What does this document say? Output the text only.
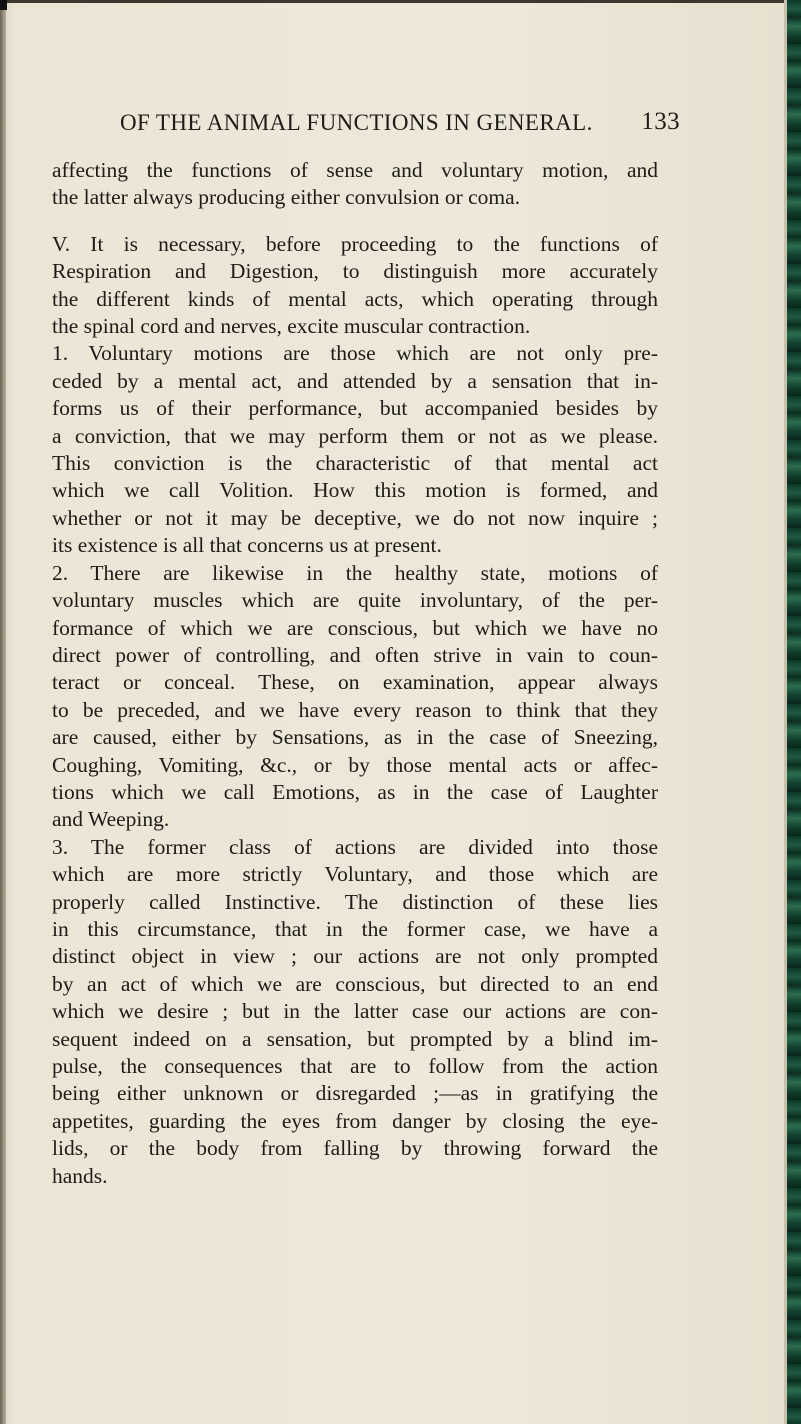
OF THE ANIMAL FUNCTIONS IN GENERAL. 133

affecting the functions of sense and voluntary motion, and

the latter always producing either convulsion or coma.

V. It is necessary, before proceeding to the functions of

Respiration and Digestion, to distinguish more accurately

the different kinds of mental acts, which operating through

the spinal cord and nerves, excite muscular contraction.

1. Voluntary motions are those which are not only pre-

ceded by a mental act, and attended by a sensation that in-

forms us of their performance, but accompanied besides by

a conviction, that we may perform them or not as we please.

This conviction is the characteristic of that mental act

which we call Volition. How this motion is formed, and

whether or not it may be deceptive, we do not now inquire ;

its existence is all that concerns us at present.

2. There are likewise in the healthy state, motions of

voluntary muscles which are quite involuntary, of the per-

formance of which we are conscious, but which we have no

direct power of controlling, and often strive in vain to coun-

teract or conceal. These, on examination, appear always

to be preceded, and we have every reason to think that they

are caused, either by Sensations, as in the case of Sneezing,

Coughing, Vomiting, &c., or by those mental acts or affec-

tions which we call Emotions, as in the case of Laughter

and Weeping.

3. The former class of actions are divided into those

which are more strictly Voluntary, and those which are

properly called Instinctive. The distinction of these lies

in this circumstance, that in the former case, we have a

distinct object in view ; our actions are not only prompted

by an act of which we are conscious, but directed to an end

which we desire ; but in the latter case our actions are con-

sequent indeed on a sensation, but prompted by a blind im-

pulse, the consequences that are to follow from the action

being either unknown or disregarded ;—as in gratifying the

appetites, guarding the eyes from danger by closing the eye-

lids, or the body from falling by throwing forward the

hands.
